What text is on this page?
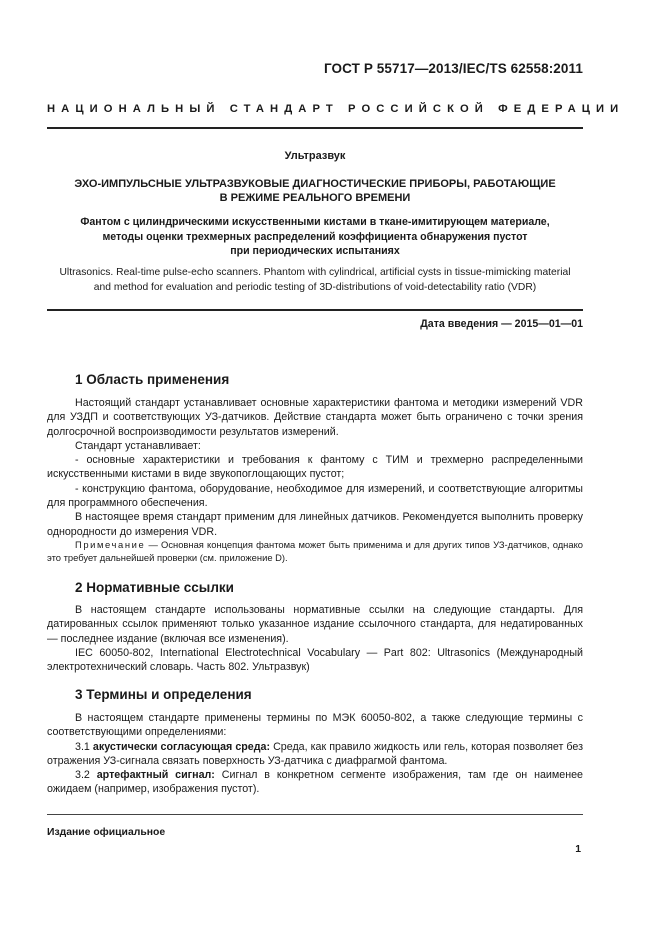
ГОСТ Р 55717—2013/IEC/TS 62558:2011
НАЦИОНАЛЬНЫЙ СТАНДАРТ РОССИЙСКОЙ ФЕДЕРАЦИИ
Ультразвук
ЭХО-ИМПУЛЬСНЫЕ УЛЬТРАЗВУКОВЫЕ ДИАГНОСТИЧЕСКИЕ ПРИБОРЫ, РАБОТАЮЩИЕ
В РЕЖИМЕ РЕАЛЬНОГО ВРЕМЕНИ
Фантом с цилиндрическими искусственными кистами в ткане-имитирующем материале,
методы оценки трехмерных распределений коэффициента обнаружения пустот
при периодических испытаниях
Ultrasonics. Real-time pulse-echo scanners. Phantom with cylindrical, artificial cysts in tissue-mimicking material
and method for evaluation and periodic testing of 3D-distributions of void-detectability ratio (VDR)
Дата введения — 2015—01—01
1 Область применения

Настоящий стандарт устанавливает основные характеристики фантома и методики измерений VDR для УЗДП и соответствующих УЗ-датчиков. Действие стандарта может быть ограничено с точки зрения долгосрочной воспроизводимости результатов измерений.

Стандарт устанавливает:

- основные характеристики и требования к фантому с ТИМ и трехмерно распределенными искусственными кистами в виде звукопоглощающих пустот;

- конструкцию фантома, оборудование, необходимое для измерений, и соответствующие алгоритмы для программного обеспечения.

В настоящее время стандарт применим для линейных датчиков. Рекомендуется выполнить проверку однородности до измерения VDR.

Примечание — Основная концепция фантома может быть применима и для других типов УЗ-датчиков, однако это требует дальнейшей проверки (см. приложение D).

2 Нормативные ссылки

В настоящем стандарте использованы нормативные ссылки на следующие стандарты. Для датированных ссылок применяют только указанное издание ссылочного стандарта, для недатированных — последнее издание (включая все изменения).

IEC 60050-802, International Electrotechnical Vocabulary — Part 802: Ultrasonics (Международный электротехнический словарь. Часть 802. Ультразвук)

3 Термины и определения

В настоящем стандарте применены термины по МЭК 60050-802, а также следующие термины с соответствующими определениями:

3.1 акустически согласующая среда: Среда, как правило жидкость или гель, которая позволяет без отражения УЗ-сигнала связать поверхность УЗ-датчика с диафрагмой фантома.

3.2 артефактный сигнал: Сигнал в конкретном сегменте изображения, там где он наименее ожидаем (например, изображения пустот).

Издание официальное
1
